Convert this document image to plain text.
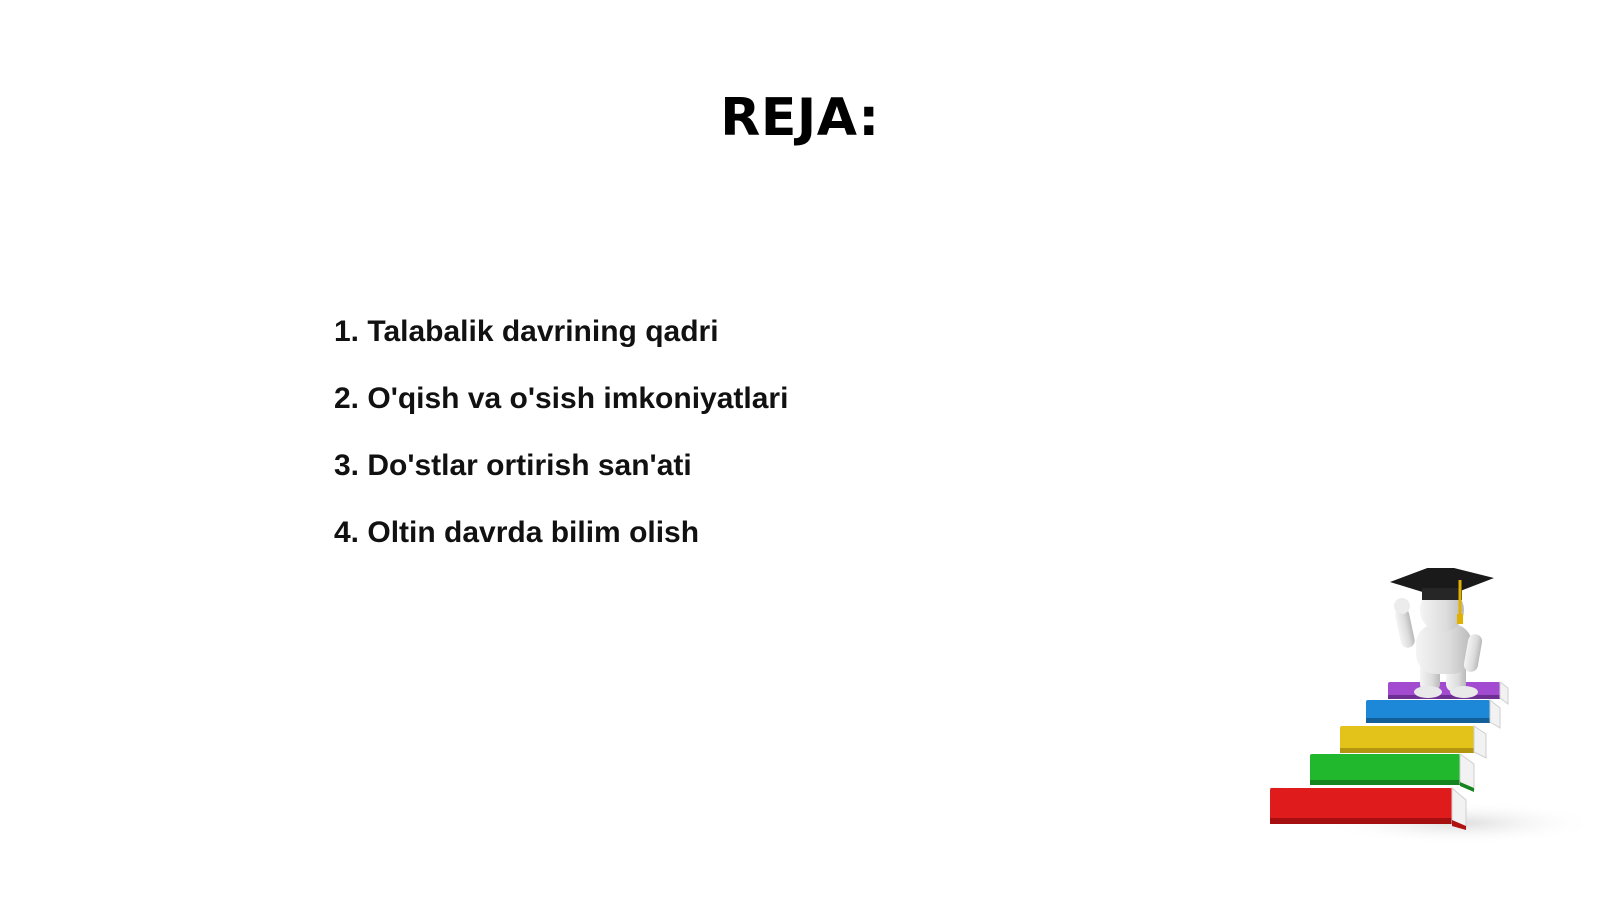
REJA:
1. Talabalik davrining qadri
2. O'qish va o'sish imkoniyatlari
3. Do'stlar ortirish san'ati
4. Oltin davrda bilim olish
